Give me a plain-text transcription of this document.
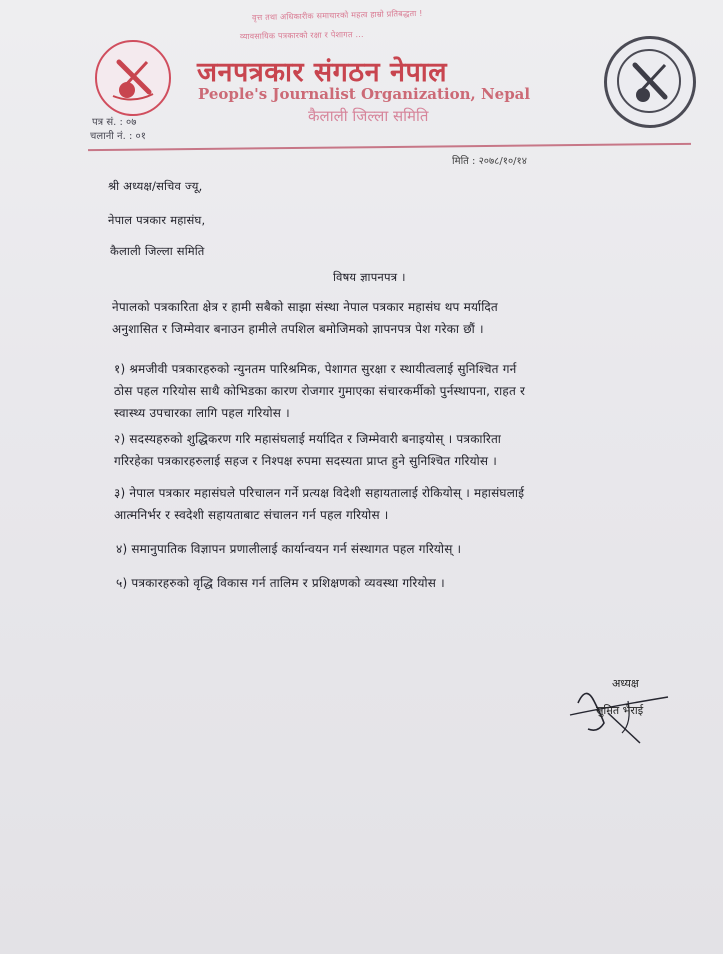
वृत्त तथा अधिकारीक समाचारको महत्व हाम्रो प्रतिबद्धता !
व्यावसायिक पत्रकारको रक्षा र पेशागत ...
जनपत्रकार संगठन नेपाल
People's Journalist Organization, Nepal
कैलाली जिल्ला समिति
पत्र सं. : ०७
चलानी नं. : ०१
मिति : २०७८/१०/१४
श्री अध्यक्ष/सचिव ज्यू,
नेपाल पत्रकार महासंघ,
कैलाली जिल्ला समिति
विषय ज्ञापनपत्र ।
नेपालको पत्रकारिता क्षेत्र र हामी सबैको साझा संस्था नेपाल पत्रकार महासंघ थप मर्यादित
अनुशासित र जिम्मेवार बनाउन हामीले तपशिल बमोजिमको ज्ञापनपत्र पेश गरेका छौं ।
१) श्रमजीवी पत्रकारहरुको न्युनतम पारिश्रमिक, पेशागत सुरक्षा र स्थायीत्वलाई सुनिश्चित गर्न
ठोस पहल गरियोस साथै कोभिडका कारण रोजगार गुमाएका संचारकर्मीको पुर्नस्थापना, राहत र
स्वास्थ्य उपचारका लागि पहल गरियोस ।
२) सदस्यहरुको शुद्धिकरण गरि महासंघलाई मर्यादित र जिम्मेवारी बनाइयोस् । पत्रकारिता
गरिरहेका पत्रकारहरुलाई सहज र निश्पक्ष रुपमा सदस्यता प्राप्त हुने सुनिश्चित गरियोस ।
३) नेपाल पत्रकार महासंघले परिचालन गर्ने प्रत्यक्ष विदेशी सहायतालाई रोकियोस् । महासंघलाई
आत्मनिर्भर र स्वदेशी सहायताबाट संचालन गर्न पहल गरियोस ।
४) समानुपातिक विज्ञापन प्रणालीलाई कार्यान्वयन गर्न संस्थागत पहल गरियोस् ।
५) पत्रकारहरुको वृद्धि विकास गर्न तालिम र प्रशिक्षणको व्यवस्था गरियोस ।
अध्यक्ष
सुमित भैराई
